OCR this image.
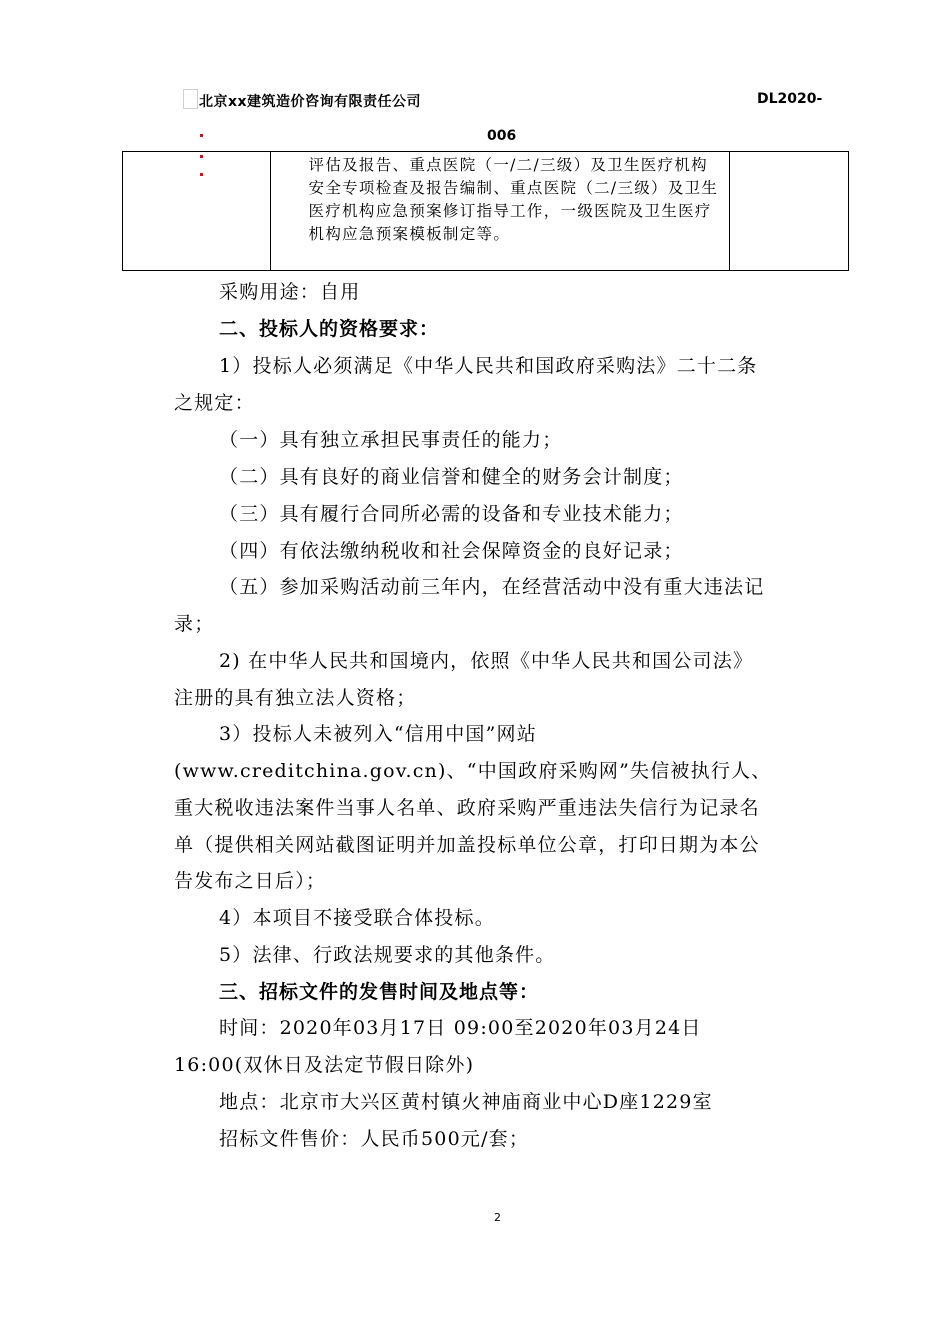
北京xx建筑造价咨询有限责任公司	DL2020-
006

评估及报告、重点医院（一/二/三级）及卫生医疗机构安全专项检查及报告编制、重点医院（二/三级）及卫生医疗机构应急预案修订指导工作，一级医院及卫生医疗机构应急预案模板制定等。

采购用途：自用
二、投标人的资格要求：
1）投标人必须满足《中华人民共和国政府采购法》二十二条
之规定：
（一）具有独立承担民事责任的能力；
（二）具有良好的商业信誉和健全的财务会计制度；
（三）具有履行合同所必需的设备和专业技术能力；
（四）有依法缴纳税收和社会保障资金的良好记录；
（五）参加采购活动前三年内，在经营活动中没有重大违法记
录；
2) 在中华人民共和国境内，依照《中华人民共和国公司法》
注册的具有独立法人资格；
3）投标人未被列入“信用中国”网站
(www.creditchina.gov.cn)、“中国政府采购网”失信被执行人、
重大税收违法案件当事人名单、政府采购严重违法失信行为记录名
单（提供相关网站截图证明并加盖投标单位公章，打印日期为本公
告发布之日后）；
4）本项目不接受联合体投标。
5）法律、行政法规要求的其他条件。
三、招标文件的发售时间及地点等：
时间：2020年03月17日 09:00至2020年03月24日
16:00(双休日及法定节假日除外)
地点：北京市大兴区黄村镇火神庙商业中心D座1229室
招标文件售价：人民币500元/套；
2
